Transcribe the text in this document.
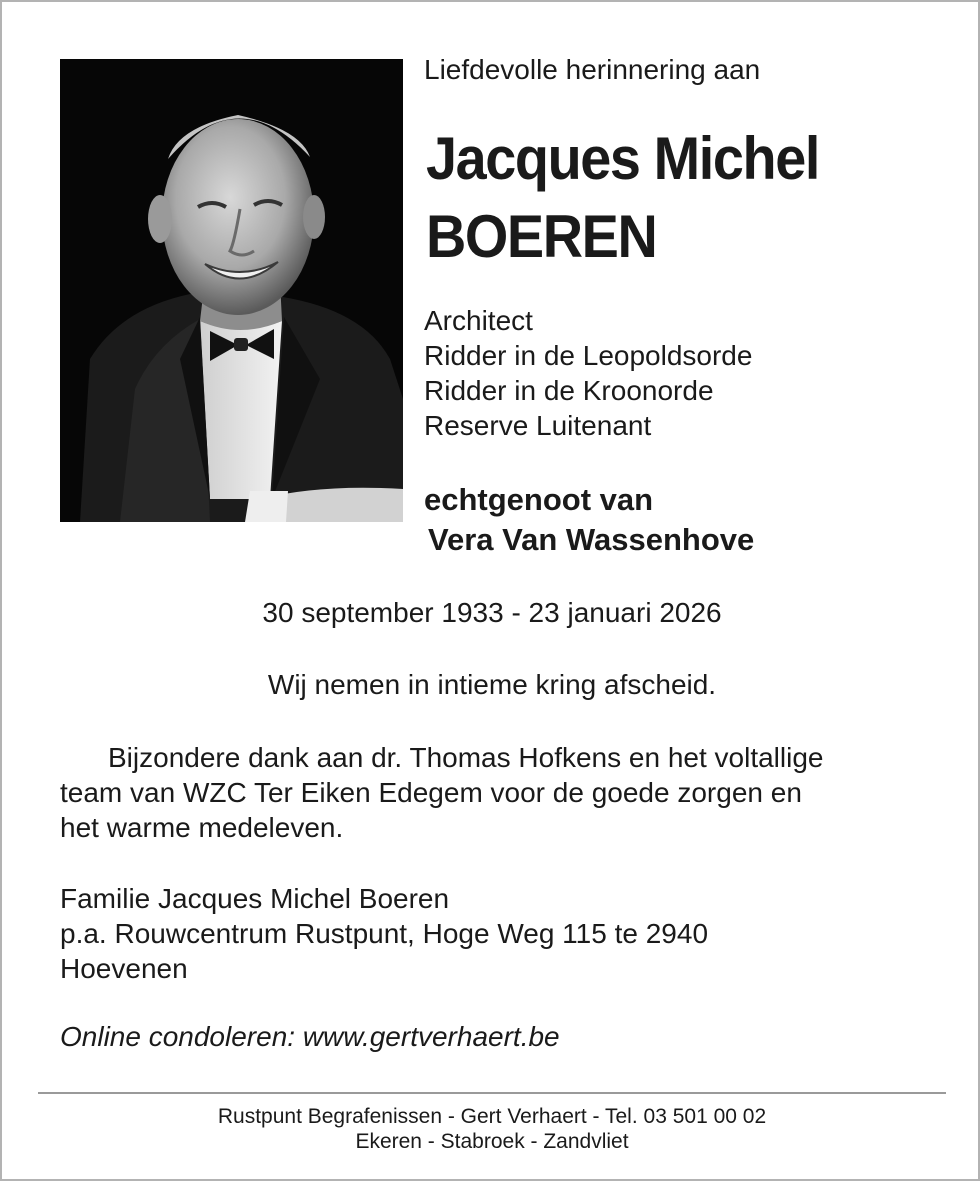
Liefdevolle herinnering aan
Jacques Michel
BOEREN
Architect
Ridder in de Leopoldsorde
Ridder in de Kroonorde
Reserve Luitenant
echtgenoot van
Vera Van Wassenhove
30 september 1933 - 23 januari 2026
Wij nemen in intieme kring afscheid.
Bijzondere dank aan dr. Thomas Hofkens en het voltallige
team van WZC Ter Eiken Edegem voor de goede zorgen en
het warme medeleven.
Familie Jacques Michel Boeren
p.a. Rouwcentrum Rustpunt, Hoge Weg 115 te 2940
Hoevenen
Online condoleren: www.gertverhaert.be
Rustpunt Begrafenissen - Gert Verhaert - Tel. 03 501 00 02
Ekeren - Stabroek - Zandvliet
